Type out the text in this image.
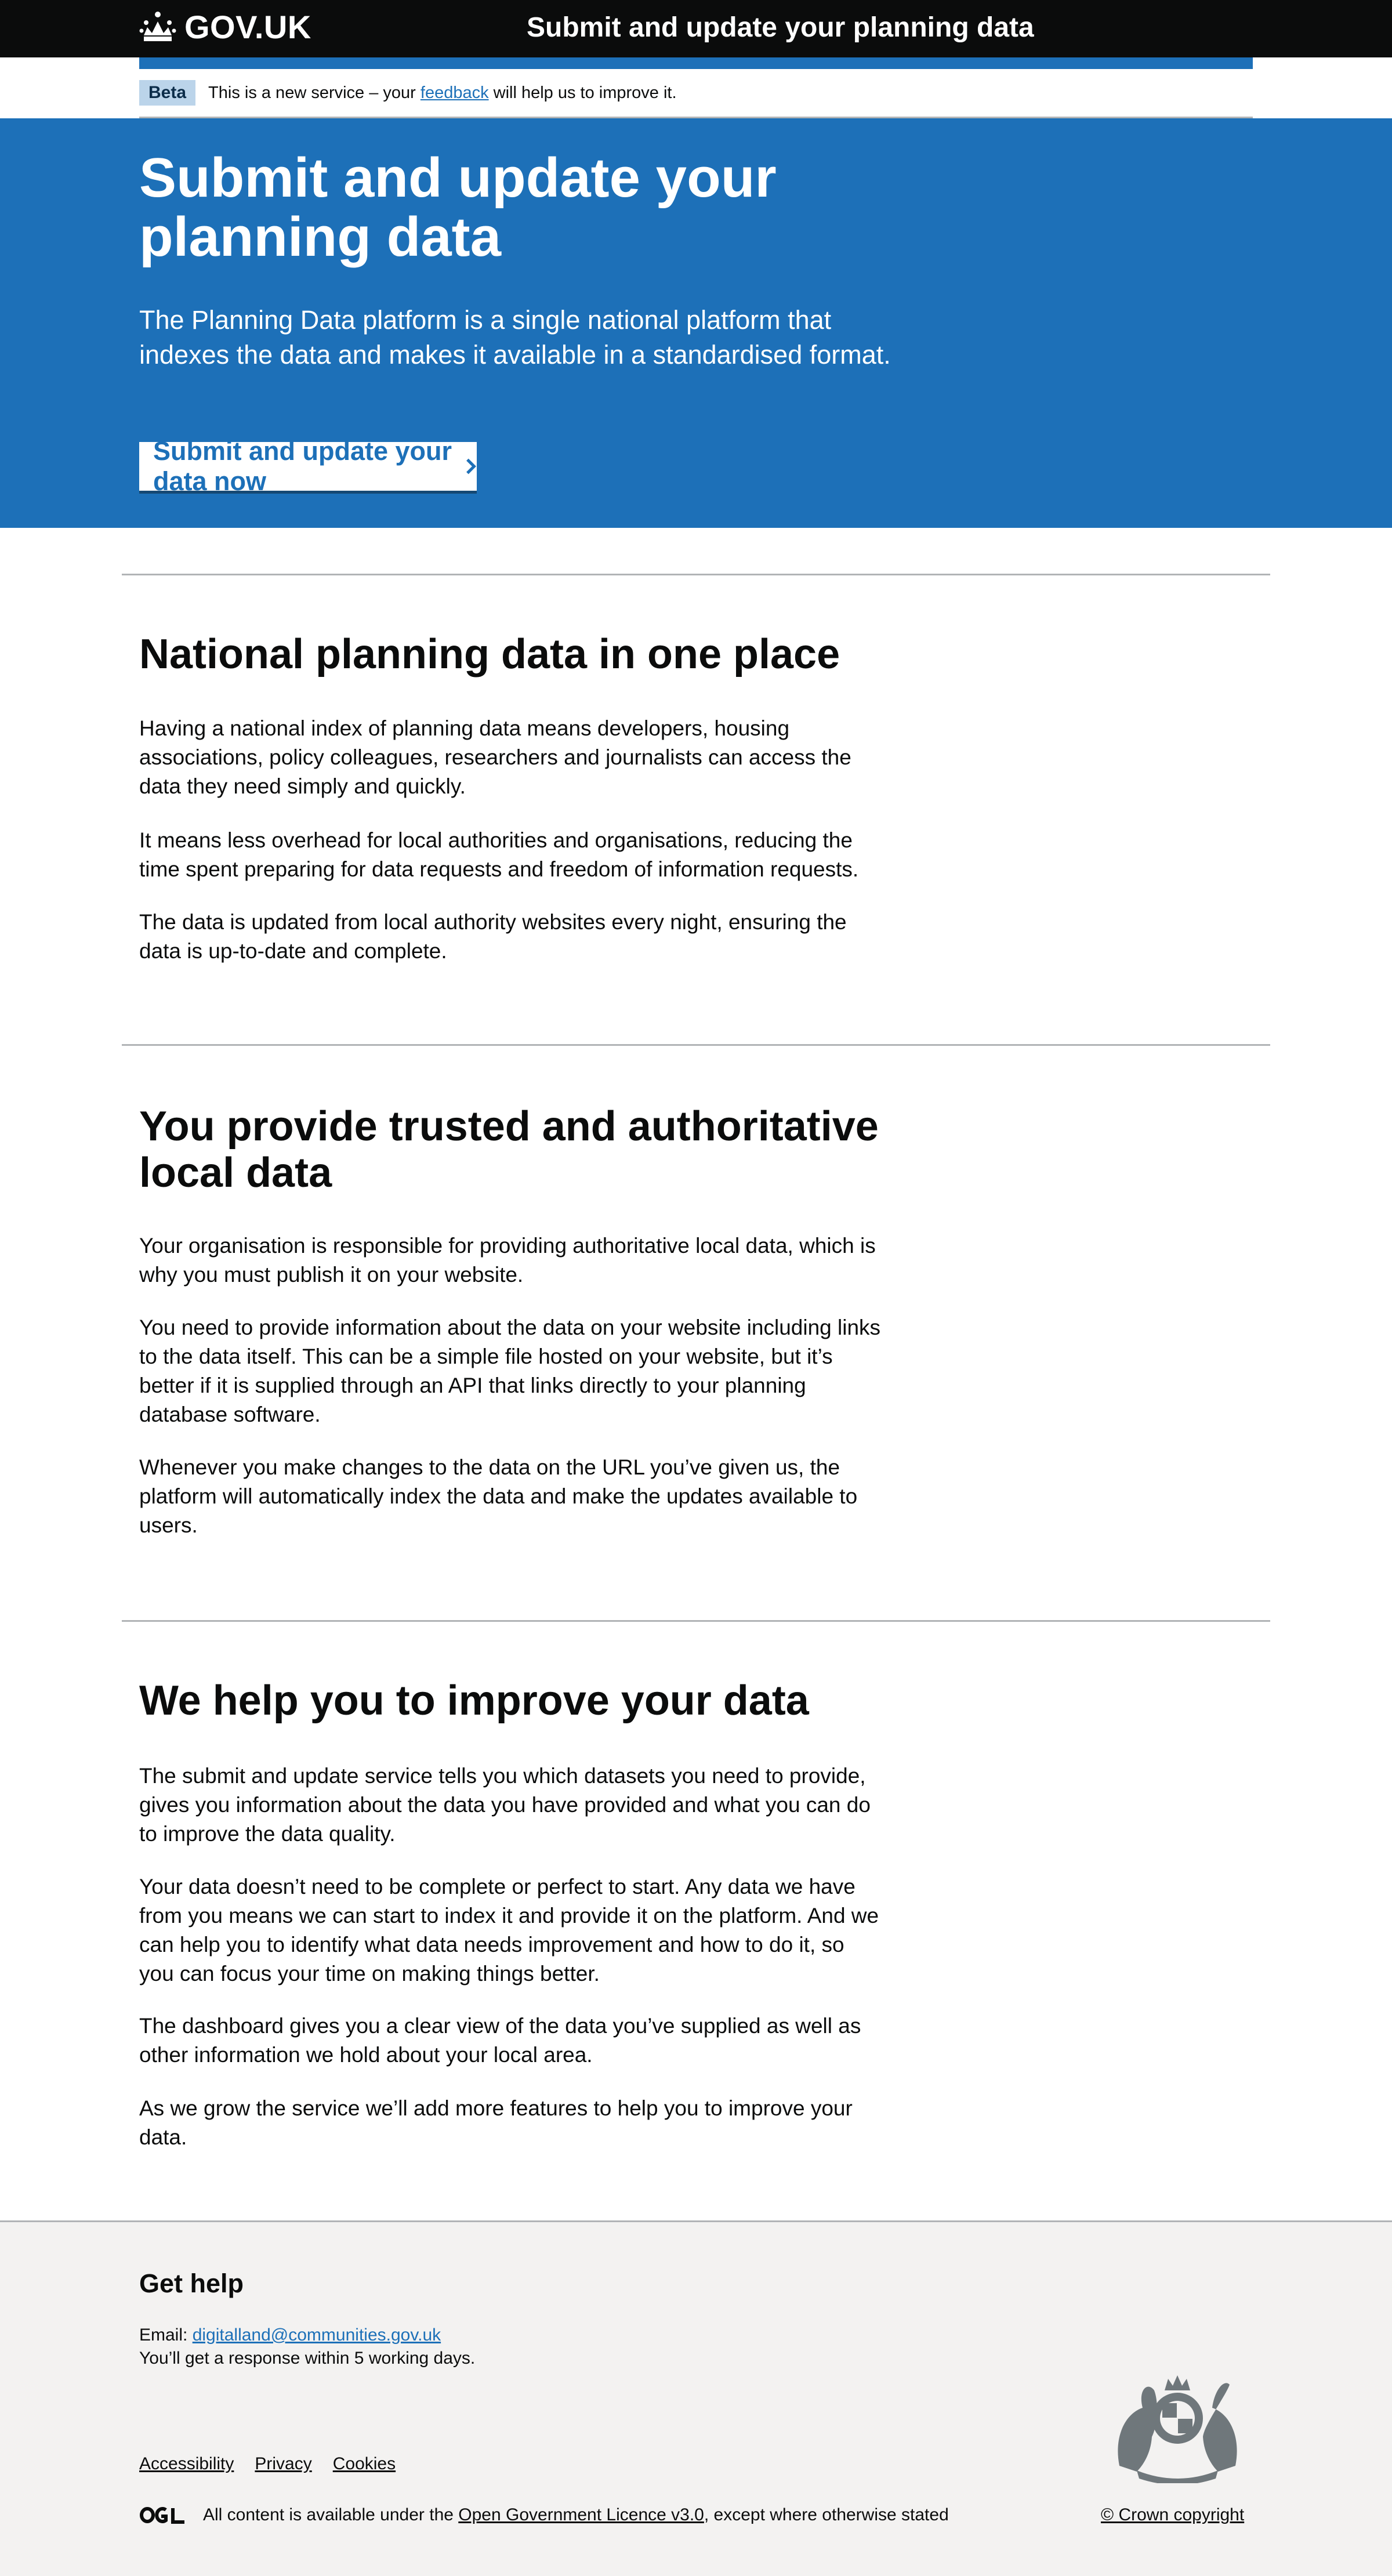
GOV.UK	Submit and update your planning data
Beta	This is a new service – your feedback will help us to improve it.
Submit and update your planning data

The Planning Data platform is a single national platform that indexes the data and makes it available in a standardised format.

Submit and update your data now
National planning data in one place

Having a national index of planning data means developers, housing associations, policy colleagues, researchers and journalists can access the data they need simply and quickly.

It means less overhead for local authorities and organisations, reducing the time spent preparing for data requests and freedom of information requests.

The data is updated from local authority websites every night, ensuring the data is up-to-date and complete.

You provide trusted and authoritative local data

Your organisation is responsible for providing authoritative local data, which is why you must publish it on your website.

You need to provide information about the data on your website including links to the data itself. This can be a simple file hosted on your website, but it’s better if it is supplied through an API that links directly to your planning database software.

Whenever you make changes to the data on the URL you’ve given us, the platform will automatically index the data and make the updates available to users.

We help you to improve your data

The submit and update service tells you which datasets you need to provide, gives you information about the data you have provided and what you can do to improve the data quality.

Your data doesn’t need to be complete or perfect to start. Any data we have from you means we can start to index it and provide it on the platform. And we can help you to identify what data needs improvement and how to do it, so you can focus your time on making things better.

The dashboard gives you a clear view of the data you’ve supplied as well as other information we hold about your local area.

As we grow the service we’ll add more features to help you to improve your data.

Get help
Email: digitalland@communities.gov.uk
You’ll get a response within 5 working days.
Accessibility Privacy Cookies
All content is available under the Open Government Licence v3.0, except where otherwise stated	© Crown copyright
